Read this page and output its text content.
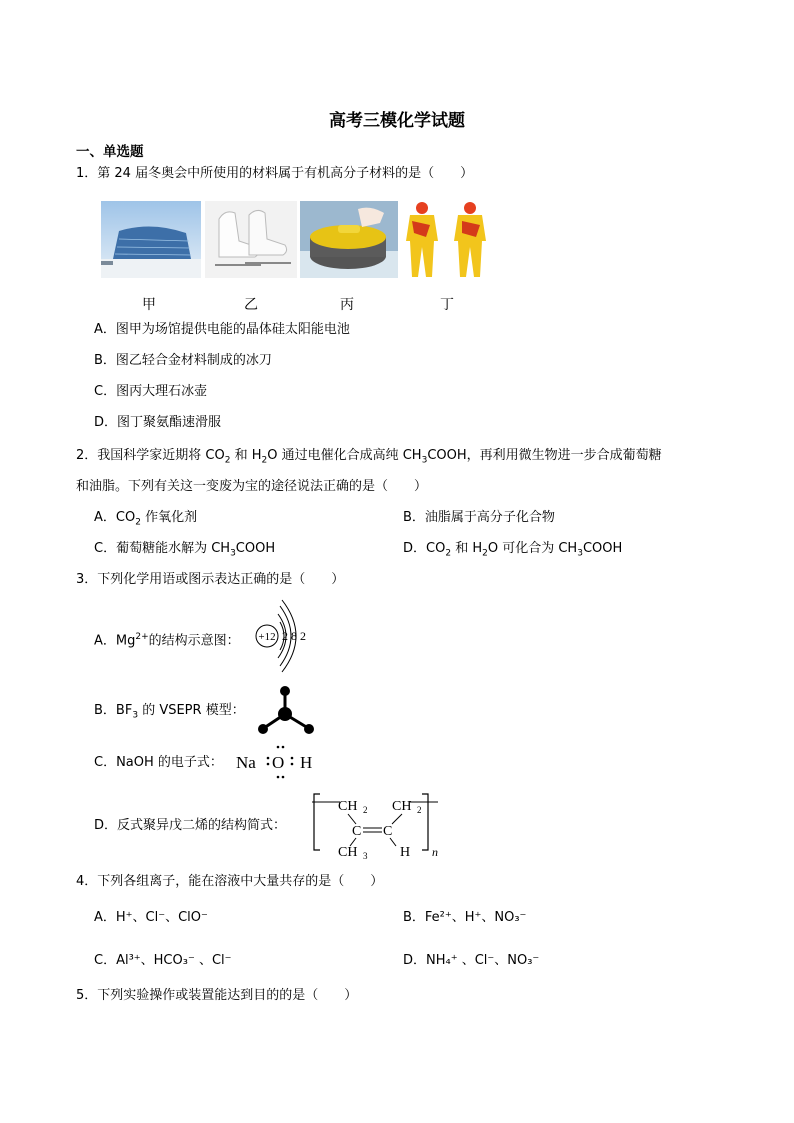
高考三模化学试题
一、单选题
1．第 24 届冬奥会中所使用的材料属于有机高分子材料的是（　　）
甲	乙	丙	丁
A．图甲为场馆提供电能的晶体硅太阳能电池
B．图乙轻合金材料制成的冰刀
C．图丙大理石冰壶
D．图丁聚氨酯速滑服
2．我国科学家近期将 $CO_2$ 和 $H_2O$ 通过电催化合成高纯 $CH_3COOH$，再利用微生物进一步合成葡萄糖
和油脂。下列有关这一变废为宝的途径说法正确的是（　　）
A．$CO_2$ 作氧化剂	B．油脂属于高分子化合物
C．葡萄糖能水解为 $CH_3COOH$	D．$CO_2$ 和 $H_2O$ 可化合为 $CH_3COOH$
3．下列化学用语或图示表达正确的是（　　）
A．$Mg^{2+}$的结构示意图： +12 2 8 2
B．$BF_3$ 的 VSEPR 模型：
C．NaOH 的电子式： Na O H
D．反式聚异戊二烯的结构简式：
CH 2 CH 2
C C
CH 3 H n
4．下列各组离子，能在溶液中大量共存的是（　　）
A．H⁺、Cl⁻、ClO⁻	B．Fe²⁺、H⁺、NO₃⁻
C．Al³⁺、HCO₃⁻ 、Cl⁻	D．NH₄⁺ 、Cl⁻、NO₃⁻
5．下列实验操作或装置能达到目的的是（　　）
